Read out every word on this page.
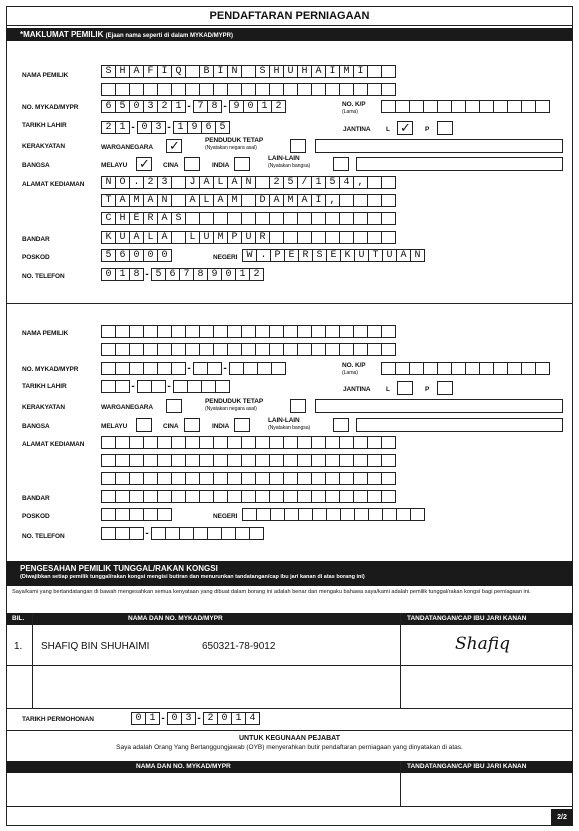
PENDAFTARAN PERNIAGAAN
*MAKLUMAT PEMILIK (Ejaan nama seperti di dalam MYKAD/MYPR)
NAMA PEMILIK	S H A F I Q	B I N	S H U H A I M I
NO. MYKAD/MYPR	6 5 0 3 2 1 - 7 8 - 9 0 1 2	NO. K/P
(Lama)
TARIKH LAHIR	2 1 - 0 3 - 1 9 6 5	JANTINA L ✓ P
KERAKYATAN	WARGANEGARA ✓	PENDUDUK TETAP
(Nyatakan negara asal)
BANGSA	MELAYU ✓ CINA	INDIA
LAIN-LAIN
(Nyatakan bangsa)
ALAMAT KEDIAMAN	N O . 2 3	J A L A N	2 5 / 1 5 4 ,
T A M A N	A L A M	D A M A I ,
C H E R A S
BANDAR	K U A L A	L U M P U R
POSKOD	5 6 0 0 0	NEGERI W . P E R S E K U T U A N
NO. TELEFON	0 1 8 - 5 6 7 8 9 0 1 2
NAMA PEMILIK
NO. MYKAD/MYPR	-	-	NO. K/P
(Lama)
TARIKH LAHIR	-	-	JANTINA L	P
KERAKYATAN	WARGANEGARA
PENDUDUK TETAP
(Nyatakan negara asal)
BANGSA	MELAYU	CINA	INDIA
LAIN-LAIN
(Nyatakan bangsa)
ALAMAT KEDIAMAN
BANDAR
POSKOD	NEGERI
NO. TELEFON	-
PENGESAHAN PEMILIK TUNGGAL/RAKAN KONGSI
(Diwajibkan setiap pemilik tunggal/rakan kongsi mengisi butiran dan menurunkan tandatangan/cap ibu jari kanan di atas borang ini)
Saya/kami yang bertandatangan di bawah mengesahkan semua kenyataan yang dibuat dalam borang ini adalah benar dan mengaku bahawa saya/kami adalah pemilik tunggal/rakan kongsi bagi perniagaan ini.
BIL.	NAMA DAN NO. MYKAD/MYPR	TANDATANGAN/CAP IBU JARI KANAN
1. SHAFIQ BIN SHUHAIMI	650321-78-9012	Shafiq
TARIKH PERMOHONAN	0 1 - 0 3 - 2 0 1 4
UNTUK KEGUNAAN PEJABAT
Saya adalah Orang Yang Bertanggungjawab (OYB) menyerahkan butir pendaftaran perniagaan yang dinyatakan di atas.
NAMA DAN NO. MYKAD/MYPR	TANDATANGAN/CAP IBU JARI KANAN
2/2
